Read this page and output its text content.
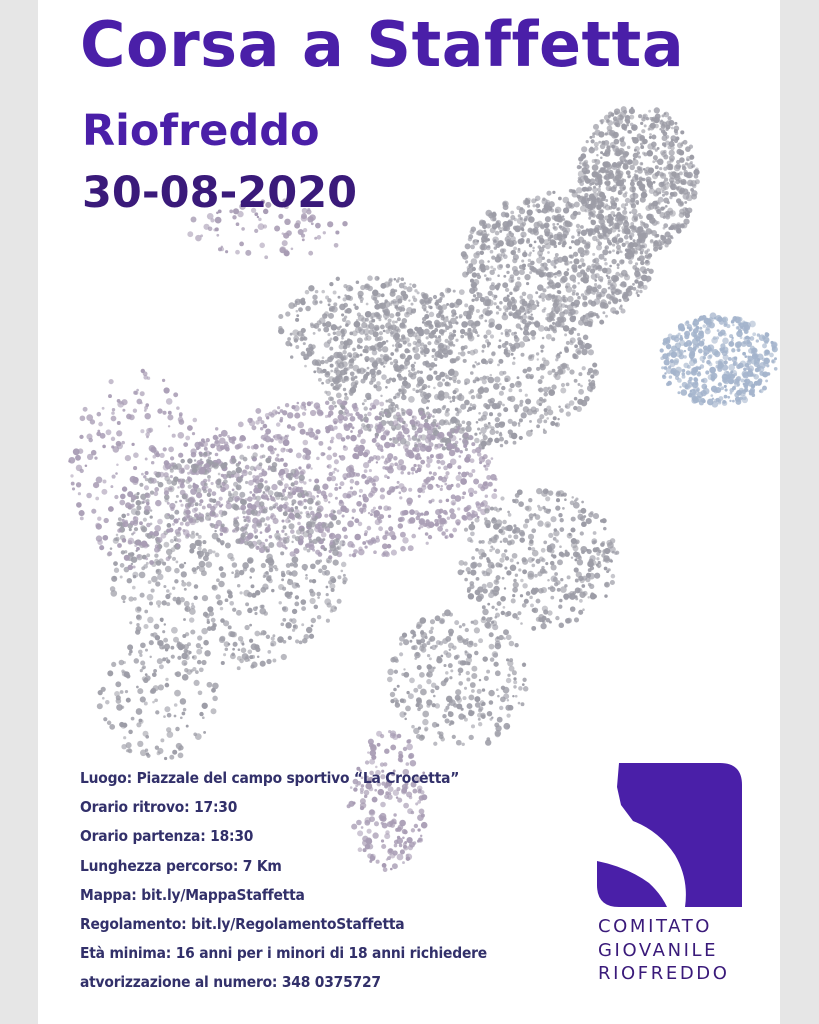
Corsa a Staffetta
Riofreddo
30-08-2020
Luogo: Piazzale del campo sportivo “La Crocetta”
Orario ritrovo: 17:30
Orario partenza: 18:30
Lunghezza percorso: 7 Km
Mappa: bit.ly/MappaStaffetta
Regolamento: bit.ly/RegolamentoStaffetta
Età minima: 16 anni per i minori di 18 anni richiedere
atvorizzazione al numero: 348 0375727
COMITATO
GIOVANILE
RIOFREDDO
